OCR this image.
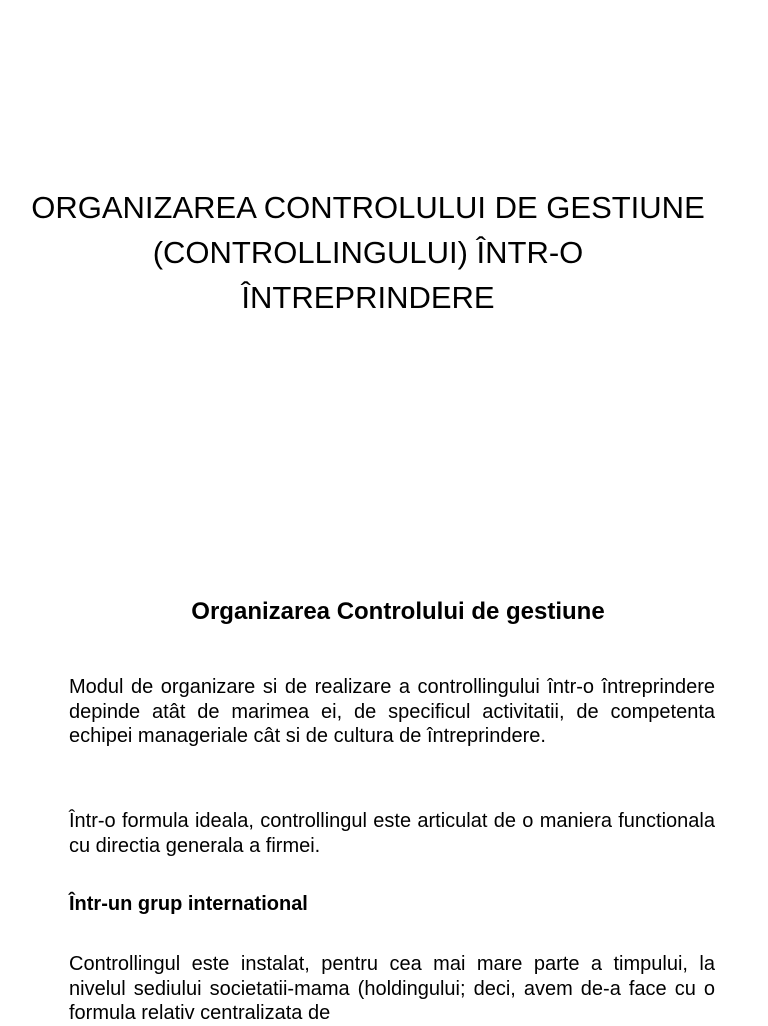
ORGANIZAREA CONTROLULUI DE GESTIUNE
(CONTROLLINGULUI) ÎNTR-O
ÎNTREPRINDERE
Organizarea Controlului de gestiune

Modul de organizare si de realizare a controllingului într-o întreprindere depinde atât de marimea ei, de specificul activitatii, de competenta echipei manageriale cât si de cultura de întreprindere.

Într-o formula ideala, controllingul este articulat de o maniera functionala cu directia generala a firmei.

Într-un grup international

Controllingul este instalat, pentru cea mai mare parte a timpului, la nivelul sediului societatii-mama (holdingului; deci, avem de-a face cu o formula relativ centralizata de
